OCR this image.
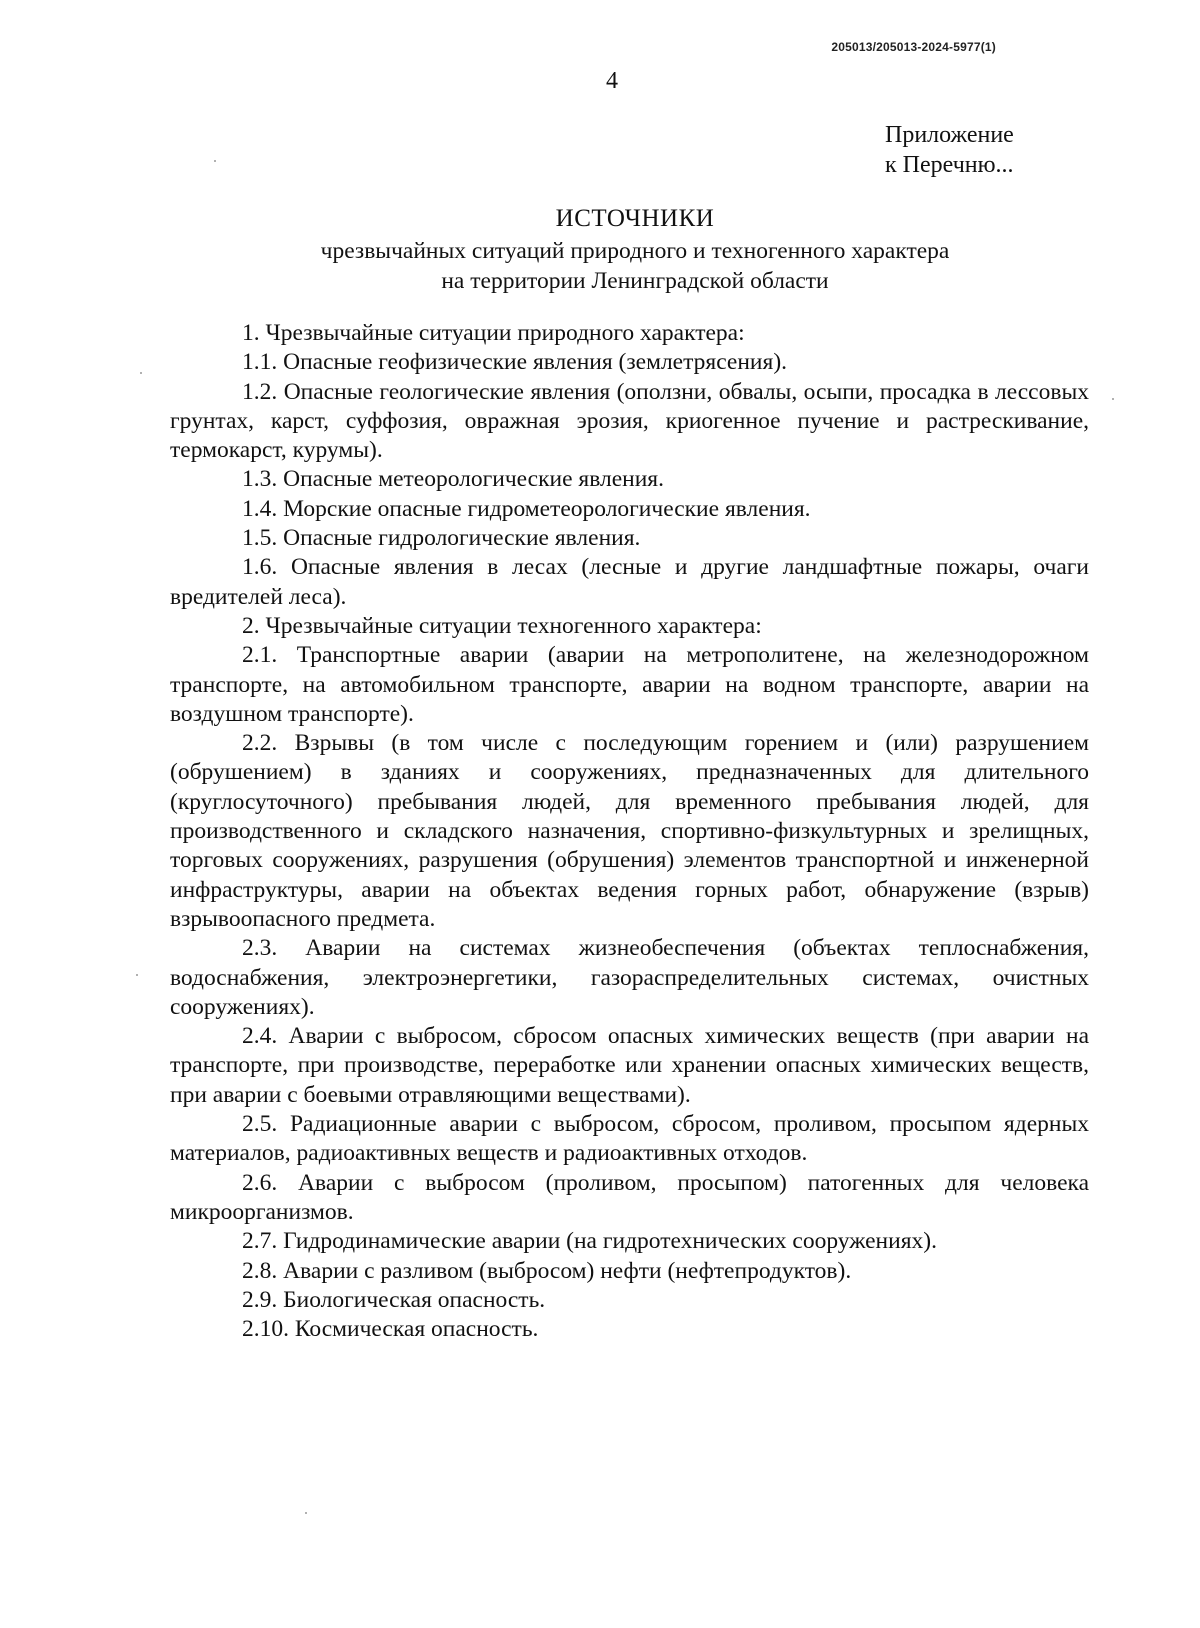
205013/205013-2024-5977(1)
4
Приложение
к Перечню...
ИСТОЧНИКИ
чрезвычайных ситуаций природного и техногенного характера
на территории Ленинградской области

1. Чрезвычайные ситуации природного характера:

1.1. Опасные геофизические явления (землетрясения).

1.2. Опасные геологические явления (оползни, обвалы, осыпи, просадка в лессовых грунтах, карст, суффозия, овражная эрозия, криогенное пучение и растрескивание, термокарст, курумы).

1.3. Опасные метеорологические явления.

1.4. Морские опасные гидрометеорологические явления.

1.5. Опасные гидрологические явления.

1.6. Опасные явления в лесах (лесные и другие ландшафтные пожары, очаги вредителей леса).

2. Чрезвычайные ситуации техногенного характера:

2.1. Транспортные аварии (аварии на метрополитене, на железнодорожном транспорте, на автомобильном транспорте, аварии на водном транспорте, аварии на воздушном транспорте).

2.2. Взрывы (в том числе с последующим горением и (или) разрушением (обрушением) в зданиях и сооружениях, предназначенных для длительного (круглосуточного) пребывания людей, для временного пребывания людей, для производственного и складского назначения, спортивно-физкультурных и зрелищных, торговых сооружениях, разрушения (обрушения) элементов транспортной и инженерной инфраструктуры, аварии на объектах ведения горных работ, обнаружение (взрыв) взрывоопасного предмета.

2.3. Аварии на системах жизнеобеспечения (объектах теплоснабжения, водоснабжения, электроэнергетики, газораспределительных системах, очистных сооружениях).

2.4. Аварии с выбросом, сбросом опасных химических веществ (при аварии на транспорте, при производстве, переработке или хранении опасных химических веществ, при аварии с боевыми отравляющими веществами).

2.5. Радиационные аварии с выбросом, сбросом, проливом, просыпом ядерных материалов, радиоактивных веществ и радиоактивных отходов.

2.6. Аварии с выбросом (проливом, просыпом) патогенных для человека микроорганизмов.

2.7. Гидродинамические аварии (на гидротехнических сооружениях).

2.8. Аварии с разливом (выбросом) нефти (нефтепродуктов).

2.9. Биологическая опасность.

2.10. Космическая опасность.
